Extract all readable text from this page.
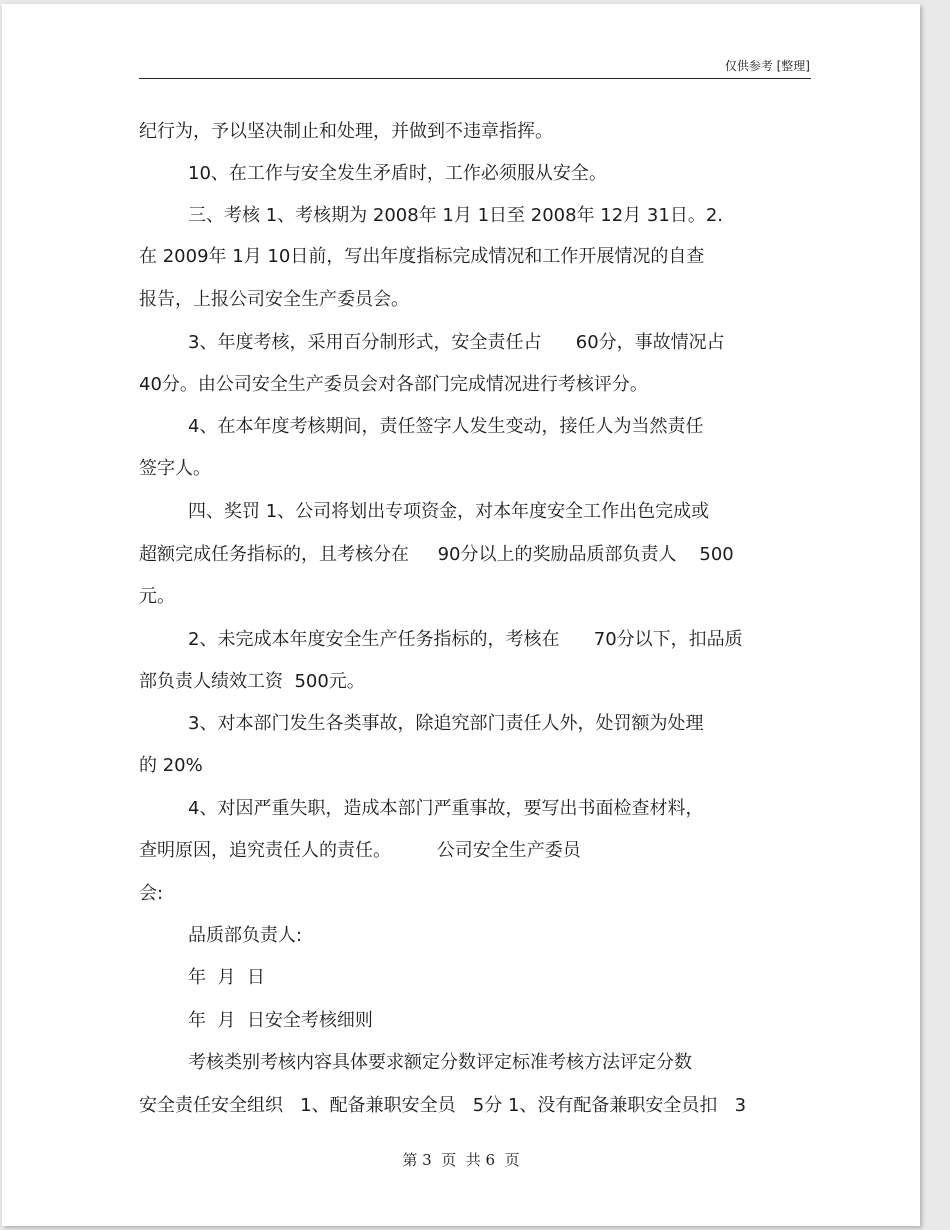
仅供参考 [整理]
纪行为，予以坚决制止和处理，并做到不违章指挥。
10、在工作与安全发生矛盾时，工作必须服从安全。
三、考核 1、考核期为 2008年 1月 1日至 2008年 12月 31日。2.
在 2009年 1月 10日前，写出年度指标完成情况和工作开展情况的自查
报告，上报公司安全生产委员会。
3、年度考核，采用百分制形式，安全责任占      60分，事故情况占
40分。由公司安全生产委员会对各部门完成情况进行考核评分。
4、在本年度考核期间，责任签字人发生变动，接任人为当然责任
签字人。
四、奖罚 1、公司将划出专项资金，对本年度安全工作出色完成或
超额完成任务指标的，且考核分在     90分以上的奖励品质部负责人    500
元。
2、未完成本年度安全生产任务指标的，考核在      70分以下，扣品质
部负责人绩效工资  500元。
3、对本部门发生各类事故，除追究部门责任人外，处罚额为处理
的 20%
4、对因严重失职，造成本部门严重事故，要写出书面检查材料，
查明原因，追究责任人的责任。        公司安全生产委员
会:
品质部负责人:
年  月  日
年  月  日安全考核细则
考核类别考核内容具体要求额定分数评定标准考核方法评定分数
安全责任安全组织   1、配备兼职安全员   5分 1、没有配备兼职安全员扣   3
第 3  页  共 6  页
